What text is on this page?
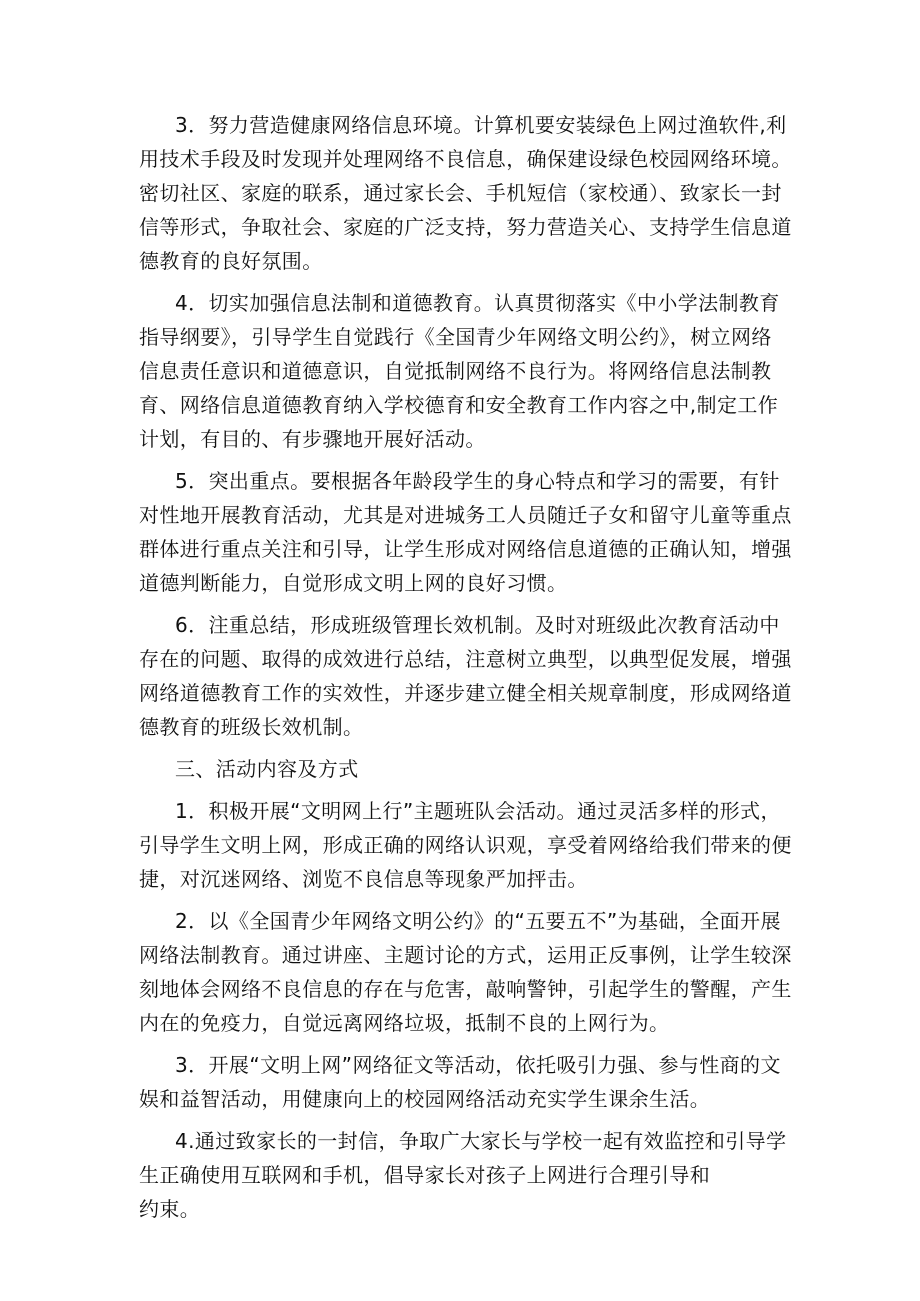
3．努力营造健康网络信息环境。计算机要安装绿色上网过渔软件,利
用技术手段及时发现并处理网络不良信息，确保建设绿色校园网络环境。
密切社区、家庭的联系，通过家长会、手机短信（家校通）、致家长一封
信等形式，争取社会、家庭的广泛支持，努力营造关心、支持学生信息道
德教育的良好氛围。
4．切实加强信息法制和道德教育。认真贯彻落实《中小学法制教育
指导纲要》，引导学生自觉践行《全国青少年网络文明公约》，树立网络
信息责任意识和道德意识，自觉抵制网络不良行为。将网络信息法制教
育、网络信息道德教育纳入学校德育和安全教育工作内容之中,制定工作
计划，有目的、有步骤地开展好活动。
5．突出重点。要根据各年龄段学生的身心特点和学习的需要，有针
对性地开展教育活动，尤其是对进城务工人员随迁子女和留守儿童等重点
群体进行重点关注和引导，让学生形成对网络信息道德的正确认知，增强
道德判断能力，自觉形成文明上网的良好习惯。
6．注重总结，形成班级管理长效机制。及时对班级此次教育活动中
存在的问题、取得的成效进行总结，注意树立典型，以典型促发展，增强
网络道德教育工作的实效性，并逐步建立健全相关规章制度，形成网络道
德教育的班级长效机制。
三、活动内容及方式
1．积极开展“文明网上行”主题班队会活动。通过灵活多样的形式，
引导学生文明上网，形成正确的网络认识观，享受着网络给我们带来的便
捷，对沉迷网络、浏览不良信息等现象严加抨击。
2．以《全国青少年网络文明公约》的“五要五不”为基础，全面开展
网络法制教育。通过讲座、主题讨论的方式，运用正反事例，让学生较深
刻地体会网络不良信息的存在与危害，敲响警钟，引起学生的警醒，产生
内在的免疫力，自觉远离网络垃圾，抵制不良的上网行为。
3．开展“文明上网”网络征文等活动，依托吸引力强、参与性商的文
娱和益智活动，用健康向上的校园网络活动充实学生课余生活。
4.通过致家长的一封信，争取广大家长与学校一起有效监控和引导学
生正确使用互联网和手机，倡导家长对孩子上网进行合理引导和
约束。
